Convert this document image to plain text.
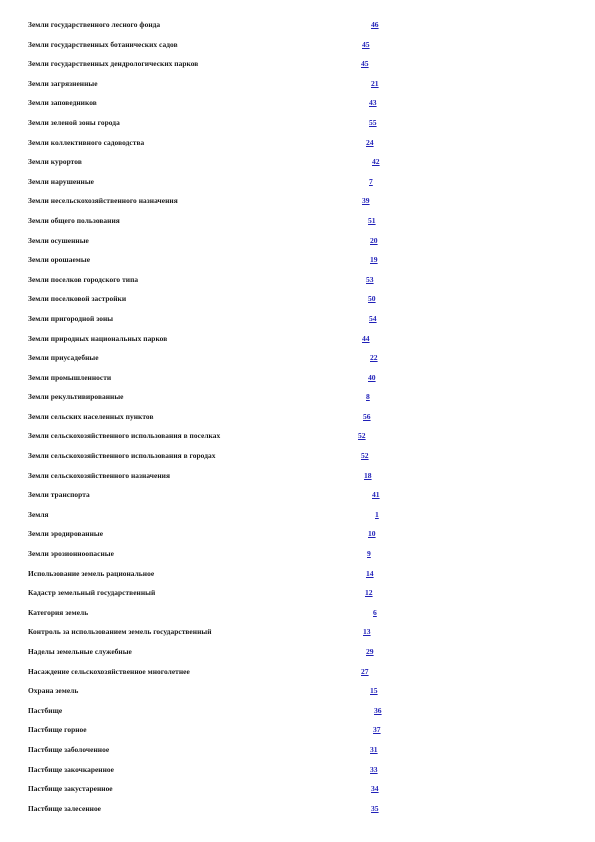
Земли государственного лесного фонда	46
Земли государственных ботанических садов	45
Земли государственных дендрологических парков	45
Земли загрязненные	21
Земли заповедников	43
Земли зеленой зоны города	55
Земли коллективного садоводства	24
Земли курортов	42
Земли нарушенные	7
Земли несельскохозяйственного назначения	39
Земли общего пользования	51
Земли осушенные	20
Земли орошаемые	19
Земли поселков городского типа	53
Земли поселковой застройки	50
Земли пригородной зоны	54
Земли природных национальных парков	44
Земли приусадебные	22
Земли промышленности	40
Земли рекультивированные	8
Земли сельских населенных пунктов	56
Земли сельскохозяйственного использования в поселках	52
Земли сельскохозяйственного использования в городах	52
Земли сельскохозяйственного назначения	18
Земли транспорта	41
Земля	1
Земли эродированные	10
Земли эрозионноопасные	9
Использование земель рациональное	14
Кадастр земельный государственный	12
Категория земель	6
Контроль за использованием земель государственный	13
Наделы земельные служебные	29
Насаждение сельскохозяйственное многолетнее	27
Охрана земель	15
Пастбище	36
Пастбище горное	37
Пастбище заболоченное	31
Пастбище закочкаренное	33
Пастбище закустаренное	34
Пастбище залесенное	35
